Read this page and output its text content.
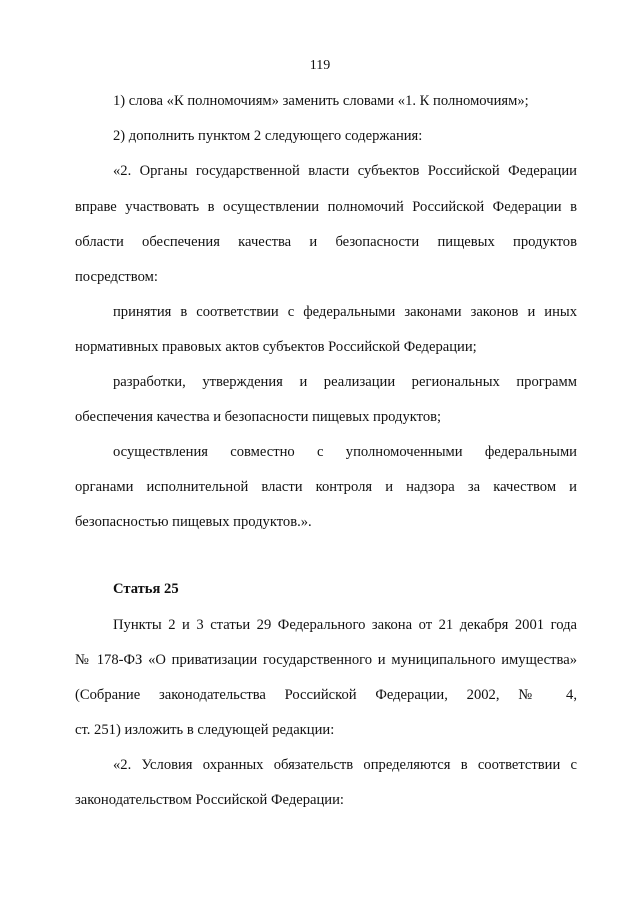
119
1) слова «К полномочиям» заменить словами «1. К полномочиям»;
2) дополнить пунктом 2 следующего содержания:
«2. Органы государственной власти субъектов Российской Федерации
вправе участвовать в осуществлении полномочий Российской Федерации в
области обеспечения качества и безопасности пищевых продуктов
посредством:
принятия в соответствии с федеральными законами законов и иных
нормативных правовых актов субъектов Российской Федерации;
разработки, утверждения и реализации региональных программ
обеспечения качества и безопасности пищевых продуктов;
осуществления совместно с уполномоченными федеральными
органами исполнительной власти контроля и надзора за качеством и
безопасностью пищевых продуктов.».
Статья 25
Пункты 2 и 3 статьи 29 Федерального закона от 21 декабря 2001 года
№ 178-ФЗ «О приватизации государственного и муниципального имущества»
(Собрание законодательства Российской Федерации, 2002, № 4,
ст. 251) изложить в следующей редакции:
«2. Условия охранных обязательств определяются в соответствии с
законодательством Российской Федерации:
